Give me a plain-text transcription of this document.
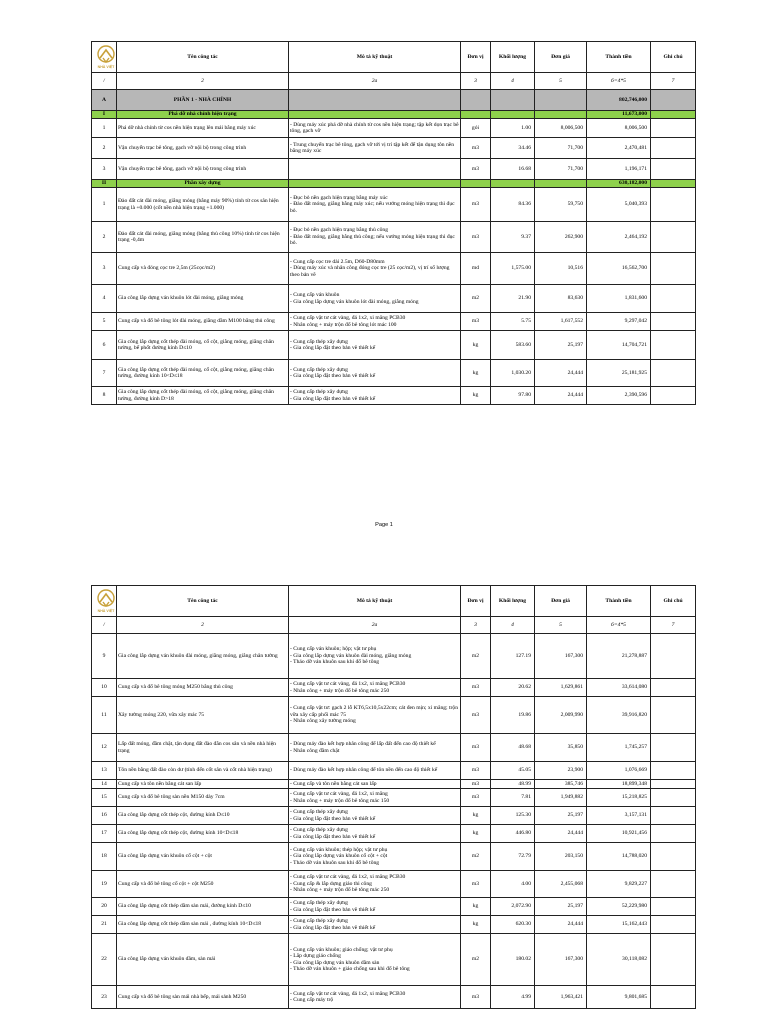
NHÀ VIỆT	Tên công tác	Mô tả kỹ thuật	Đơn vị	Khối lượng	Đơn giá	Thành tiền	Ghi chú
/	2	2a	3	4	5	6=4*5	7
A	PHẦN 1 - NHÀ CHÍNH					802,746,000	
I	Phá dỡ nhà chính hiện trạng					11,673,000	
1	Phá dỡ nhà chính từ cos nền hiện trạng lên mái bằng máy xúc	- Dùng máy xúc phá dỡ nhà chính từ cos nền hiện trạng; tập kết dọn trạc bê tông, gạch vỡ	gói	1.00	8,006,500	8,006,500	
2	Vận chuyển trạc bê tông, gạch vỡ nội bộ trong công trình	- Trung chuyển trạc bê tông, gạch vỡ tới vị trí tập kết để tận dụng tôn nền bằng máy xúc	m3	34.46	71,700	2,470,481	
3	Vận chuyển trạc bê tông, gạch vỡ nội bộ trong công trình		m3	16.68	71,700	1,196,171	
II	Phần xây dựng					630,182,000	
1	Đào đất cát đài móng, giằng móng (bằng máy 90%) tính từ cos sân hiện trạng là +0.000 (cốt nền nhà hiện trạng +1.000)	- Đục bỏ nền gạch hiện trạng bằng máy xúc
- Đào đất móng, giằng bằng máy xúc; nếu vướng móng hiện trạng thì đục bỏ.	m3	84.36	59,750	5,040,393	
2	Đào đất cát đài móng, giằng móng (bằng thủ công 10%) tính từ cos hiện trạng -0,4m	- Đục bỏ nền gạch hiện trạng bằng thủ công
- Đào đất móng, giằng bằng thủ công; nếu vướng móng hiện trạng thì đục bỏ.	m3	9.37	262,900	2,464,192	
3	Cung cấp và đóng cọc tre 2,5m (25cọc/m2)	- Cung cấp cọc tre dài 2.5m, D60-D80mm
- Dùng máy xúc và nhân công đóng cọc tre (25 cọc/m2), vị trí số lượng theo bản vẽ	md	1,575.00	10,516	16,562,700	
4	Gia công lắp dựng ván khuôn lót đài móng, giằng móng	- Cung cấp ván khuôn
- Gia công lắp dựng ván khuôn lót đài móng, giằng móng	m2	21.90	83,630	1,831,600	
5	Cung cấp và đổ bê tông lót đài móng, giằng dầm M100 bằng thủ công	- Cung cấp vật tư cát vàng, đá 1x2, xi măng PCB30
- Nhân công + máy trộn đổ bê tông lót mác 100	m3	5.75	1,617,552	9,297,042	
6	Gia công lắp dựng cốt thép đài móng, cổ cột, giằng móng, giằng chân tường, bể phốt đường kính D≤10	- Cung cấp thép xây dựng
- Gia công lắp đặt theo bản vẽ thiết kế	kg	583.60	25,197	14,704,721	
7	Gia công lắp dựng cốt thép đài móng, cổ cột, giằng móng, giằng chân tường, đường kính 10<D≤18	- Cung cấp thép xây dựng
- Gia công lắp đặt theo bản vẽ thiết kế	kg	1,030.20	24,444	25,181,925	
8	Gia công lắp dựng cốt thép đài móng, cổ cột, giằng móng, giằng chân tường, đường kính D>18	- Cung cấp thép xây dựng
- Gia công lắp đặt theo bản vẽ thiết kế	kg	97.80	24,444	2,390,596	
Page 1
NHÀ VIỆT	Tên công tác	Mô tả kỹ thuật	Đơn vị	Khối lượng	Đơn giá	Thành tiền	Ghi chú
/	2	2a	3	4	5	6=4*5	7
9	Gia công lắp dựng ván khuôn đài móng, giằng móng, giằng chân tường	- Cung cấp ván khuôn; hộp; vật tư phụ
- Gia công lắp dựng ván khuôn đài móng, giằng móng
- Tháo dỡ ván khuôn sau khi đổ bê tông	m2	127.19	167,300	21,278,887	
10	Cung cấp và đổ bê tông móng M250 bằng thủ công	- Cung cấp vật tư cát vàng, đá 1x2, xi măng PCB30
- Nhân công + máy trộn đổ bê tông mác 250	m3	20.62	1,629,861	33,614,080	
11	Xây tường móng 220, vữa xây mác 75	- Cung cấp vật tư: gạch 2 lỗ KT6,5x10,5x22cm; cát đen mịn; xi măng; trộn vữa xây cấp phối mác 75
- Nhân công xây tường móng	m3	19.86	2,009,990	39,916,820	
12	Lấp đất móng, đầm chặt, tận dụng đất đào đắn cos sân và nền nhà hiện trạng	- Dùng máy đào kết hợp nhân công để lấp đất đến cao độ thiết kế
- Nhân công đầm chặt	m3	48.68	35,850	1,745,257	
13	Tôn nền bằng đất đào còn dư (tính đến cốt sân và cốt nhà hiện trạng)	- Dùng máy đào kết hợp nhân công để tôn nền đến cao độ thiết kế	m3	45.05	23,900	1,076,669	
14	Cung cấp và tôn nền bằng cát san lấp	- Cung cấp và tôn nền bằng cát san lấp	m3	48.99	385,746	18,899,348	
15	Cung cấp và đổ bê tông sàn nền M150 dày 7cm	- Cung cấp vật tư cát vàng, đá 1x2, xi măng
- Nhân công + máy trộn đổ bê tông mác 150	m3	7.81	1,949,882	15,218,825	
16	Gia công lắp dựng cốt thép cột, đường kính D≤10	- Cung cấp thép xây dựng
- Gia công lắp đặt theo bản vẽ thiết kế	kg	125.30	25,197	3,157,131	
17	Gia công lắp dựng cốt thép cột, đường kính 10<D≤18	- Cung cấp thép xây dựng
- Gia công lắp đặt theo bản vẽ thiết kế	kg	446.80	24,444	10,921,456	
18	Gia công lắp dựng ván khuôn cổ cột + cột	- Cung cấp ván khuôn; thép hộp; vật tư phụ
- Gia công lắp dựng ván khuôn cổ cột + cột
- Tháo dỡ ván khuôn sau khi đổ bê tông	m2	72.79	203,150	14,788,020	
19	Cung cấp và đổ bê tông cổ cột + cột M250	- Cung cấp vật tư cát vàng, đá 1x2, xi măng PCB30
- Cung cấp & lắp dựng giáo thi công
- Nhân công + máy trộn đổ bê tông mác 250	m3	4.00	2,455,068	9,829,227	
20	Gia công lắp dựng cốt thép dầm sàn mái, đường kính D≤10	- Cung cấp thép xây dựng
- Gia công lắp đặt theo bản vẽ thiết kế	kg	2,072.90	25,197	52,229,980	
21	Gia công lắp dựng cốt thép dầm sàn mái , đường kính 10<D≤18	- Cung cấp thép xây dựng
- Gia công lắp đặt theo bản vẽ thiết kế	kg	620.30	24,444	15,162,443	
22	Gia công lắp dựng ván khuôn dầm, sàn mái	- Cung cấp ván khuôn; giáo chống; vật tư phụ
- Lắp dựng giáo chống
- Gia công lắp dựng ván khuôn dầm sàn
- Tháo dỡ ván khuôn + giáo chống sau khi đổ bê tông	m2	180.02	167,300	30,118,082	
23	Cung cấp và đổ bê tông sàn mái nhà bếp, mái sảnh M250	- Cung cấp vật tư cát vàng, đá 1x2, xi măng PCB30
- Cung cấp máy trộ	m3	4.99	1,963,421	9,801,685	
